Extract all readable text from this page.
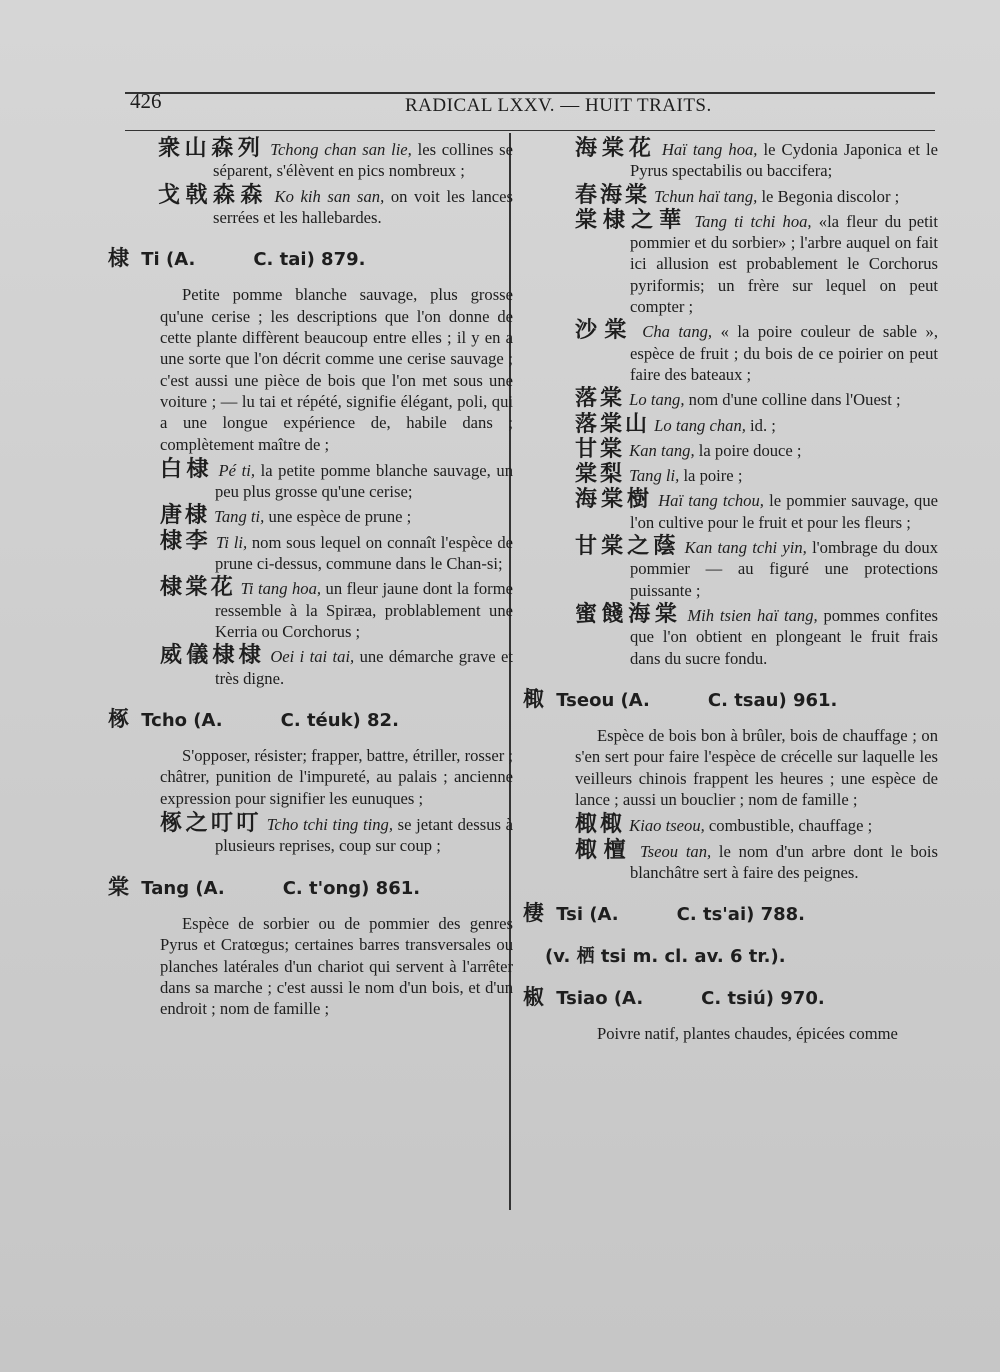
426	RADICAL LXXV. — HUIT TRAITS.
衆山森列 Tchong chan san lie, les collines se séparent, s'élèvent en pics nombreux ;
戈戟森森 Ko kih san san, on voit les lances serrées et les hallebardes.
棣 Ti (A.	C. tai) 879.
Petite pomme blanche sauvage, plus grosse qu'une cerise ; les descriptions que l'on donne de cette plante diffèrent beaucoup entre elles ; il y en a une sorte que l'on décrit comme une cerise sauvage ; c'est aussi une pièce de bois que l'on met sous une voiture ; — lu tai et répété, signifie élégant, poli, qui a une longue expérience de, habile dans ; complètement maître de ;
白棣 Pé ti, la petite pomme blanche sauvage, un peu plus grosse qu'une cerise;
唐棣 Tang ti, une espèce de prune ;
棣李 Ti li, nom sous lequel on connaît l'espèce de prune ci-dessus, commune dans le Chan-si;
棣棠花 Ti tang hoa, un fleur jaune dont la forme ressemble à la Spiræa, problablement une Kerria ou Corchorus ;
威儀棣棣 Oei i tai tai, une démarche grave et très digne.
椓 Tcho (A.	C. téuk) 82.
S'opposer, résister; frapper, battre, étriller, rosser ; châtrer, punition de l'impureté, au palais ; ancienne expression pour signifier les eunuques ;
椓之叮叮 Tcho tchi ting ting, se jetant dessus à plusieurs reprises, coup sur coup ;
棠 Tang (A.	C. t'ong) 861.
Espèce de sorbier ou de pommier des genres Pyrus et Cratœgus; certaines barres transversales ou planches latérales d'un chariot qui servent à l'arrêter dans sa marche ; c'est aussi le nom d'un bois, et d'un endroit ; nom de famille ;
海棠花 Haï tang hoa, le Cydonia Japonica et le Pyrus spectabilis ou baccifera;
春海棠 Tchun haï tang, le Begonia discolor ;
棠棣之華 Tang ti tchi hoa, «la fleur du petit pommier et du sorbier» ; l'arbre auquel on fait ici allusion est probablement le Corchorus pyriformis; un frère sur lequel on peut compter ;
沙棠 Cha tang, « la poire couleur de sable », espèce de fruit ; du bois de ce poirier on peut faire des bateaux ;
落棠 Lo tang, nom d'une colline dans l'Ouest ;
落棠山 Lo tang chan, id. ;
甘棠 Kan tang, la poire douce ;
棠梨 Tang li, la poire ;
海棠樹 Haï tang tchou, le pommier sauvage, que l'on cultive pour le fruit et pour les fleurs ;
甘棠之蔭 Kan tang tchi yin, l'ombrage du doux pommier — au figuré une protections puissante ;
蜜餞海棠 Mih tsien haï tang, pommes confites que l'on obtient en plongeant le fruit frais dans du sucre fondu.
棷 Tseou (A.	C. tsau) 961.
Espèce de bois bon à brûler, bois de chauffage ; on s'en sert pour faire l'espèce de crécelle sur laquelle les veilleurs chinois frappent les heures ; une espèce de lance ; aussi un bouclier ; nom de famille ;
棷棷 Kiao tseou, combustible, chauffage ;
棷檀 Tseou tan, le nom d'un arbre dont le bois blanchâtre sert à faire des peignes.
棲 Tsi (A.	C. ts'ai) 788.
(v. 栖 tsi m. cl. av. 6 tr.).
椒 Tsiao (A.	C. tsiú) 970.
Poivre natif, plantes chaudes, épicées comme
